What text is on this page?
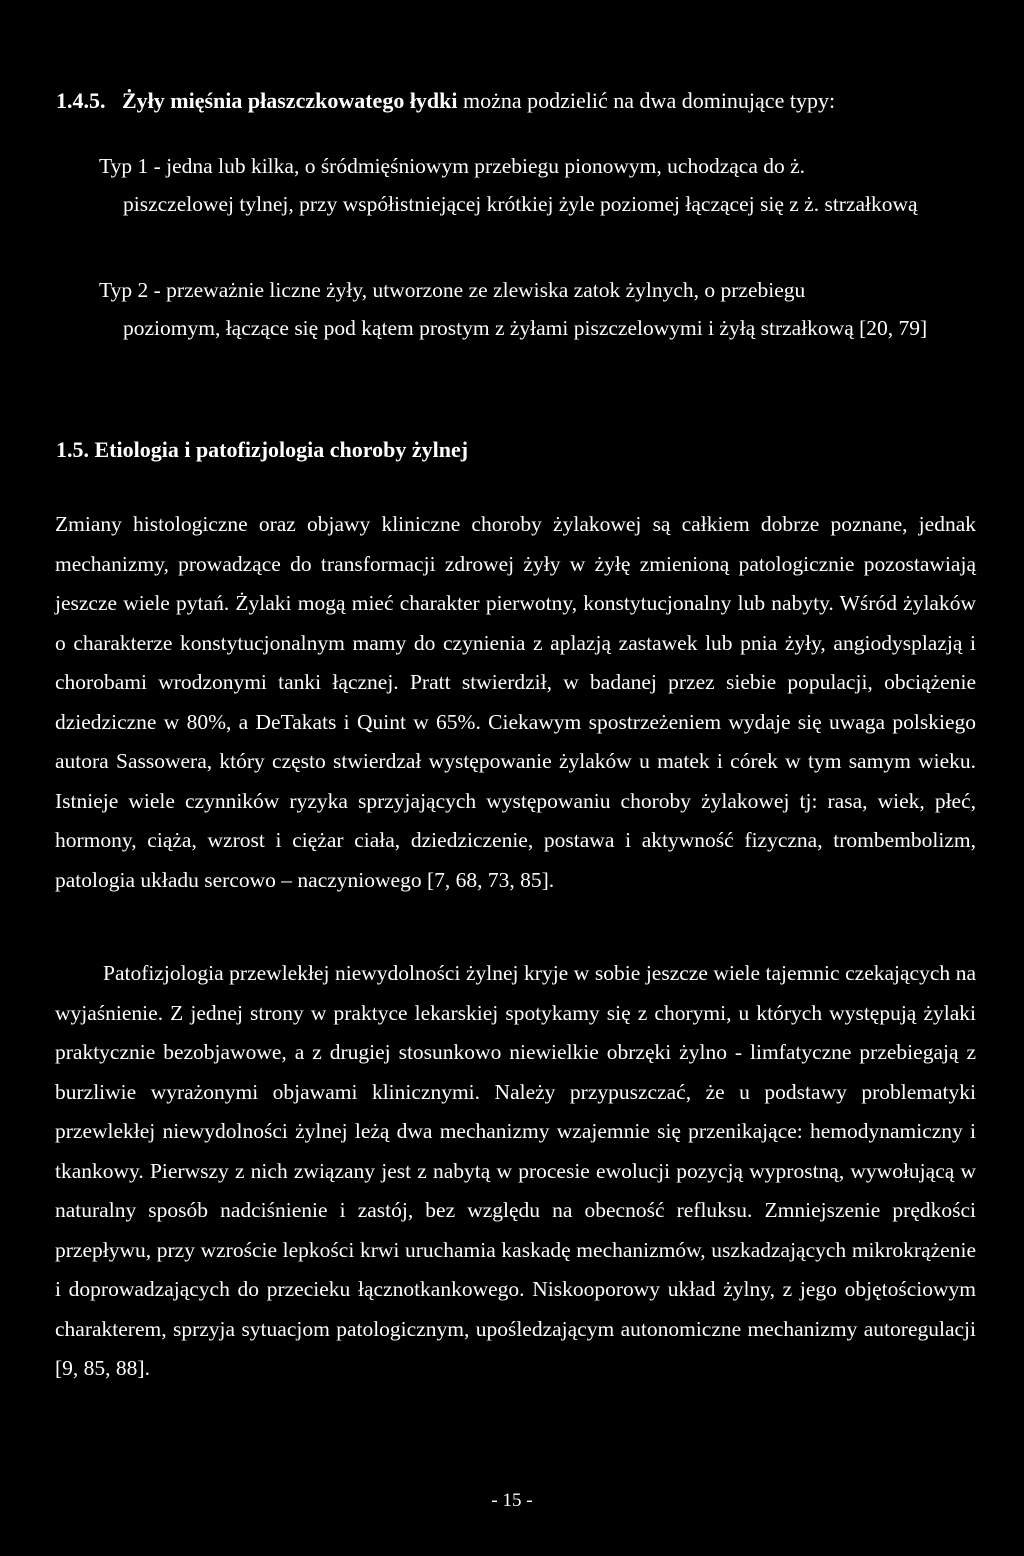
1.4.5. Żyły mięśnia płaszczkowatego łydki można podzielić na dwa dominujące typy:
Typ 1 - jedna lub kilka, o śródmięśniowym przebiegu pionowym, uchodząca do ż.
piszczelowej tylnej, przy współistniejącej krótkiej żyle poziomej łączącej się z ż. strzałkową
Typ 2 - przeważnie liczne żyły, utworzone ze zlewiska zatok żylnych, o przebiegu
poziomym, łączące się pod kątem prostym z żyłami piszczelowymi i żyłą strzałkową [20, 79]
1.5. Etiologia i patofizjologia choroby żylnej
Zmiany histologiczne oraz objawy kliniczne choroby żylakowej są całkiem dobrze poznane, jednak mechanizmy, prowadzące do transformacji zdrowej żyły w żyłę zmienioną patologicznie pozostawiają jeszcze wiele pytań. Żylaki mogą mieć charakter pierwotny, konstytucjonalny lub nabyty. Wśród żylaków o charakterze konstytucjonalnym mamy do czynienia z aplazją zastawek lub pnia żyły, angiodysplazją i chorobami wrodzonymi tanki łącznej. Pratt stwierdził, w badanej przez siebie populacji, obciążenie dziedziczne w 80%, a DeTakats i Quint w 65%. Ciekawym spostrzeżeniem wydaje się uwaga polskiego autora Sassowera, który często stwierdzał występowanie żylaków u matek i córek w tym samym wieku. Istnieje wiele czynników ryzyka sprzyjających występowaniu choroby żylakowej tj: rasa, wiek, płeć, hormony, ciąża, wzrost i ciężar ciała, dziedziczenie, postawa i aktywność fizyczna, trombembolizm, patologia układu sercowo – naczyniowego [7, 68, 73, 85].
Patofizjologia przewlekłej niewydolności żylnej kryje w sobie jeszcze wiele tajemnic czekających na wyjaśnienie. Z jednej strony w praktyce lekarskiej spotykamy się z chorymi, u których występują żylaki praktycznie bezobjawowe, a z drugiej stosunkowo niewielkie obrzęki żylno - limfatyczne przebiegają z burzliwie wyrażonymi objawami klinicznymi. Należy przypuszczać, że u podstawy problematyki przewlekłej niewydolności żylnej leżą dwa mechanizmy wzajemnie się przenikające: hemodynamiczny i tkankowy. Pierwszy z nich związany jest z nabytą w procesie ewolucji pozycją wyprostną, wywołującą w naturalny sposób nadciśnienie i zastój, bez względu na obecność refluksu. Zmniejszenie prędkości przepływu, przy wzroście lepkości krwi uruchamia kaskadę mechanizmów, uszkadzających mikrokrążenie i doprowadzających do przecieku łącznotkankowego. Niskooporowy układ żylny, z jego objętościowym charakterem, sprzyja sytuacjom patologicznym, upośledzającym autonomiczne mechanizmy autoregulacji [9, 85, 88].
- 15 -
